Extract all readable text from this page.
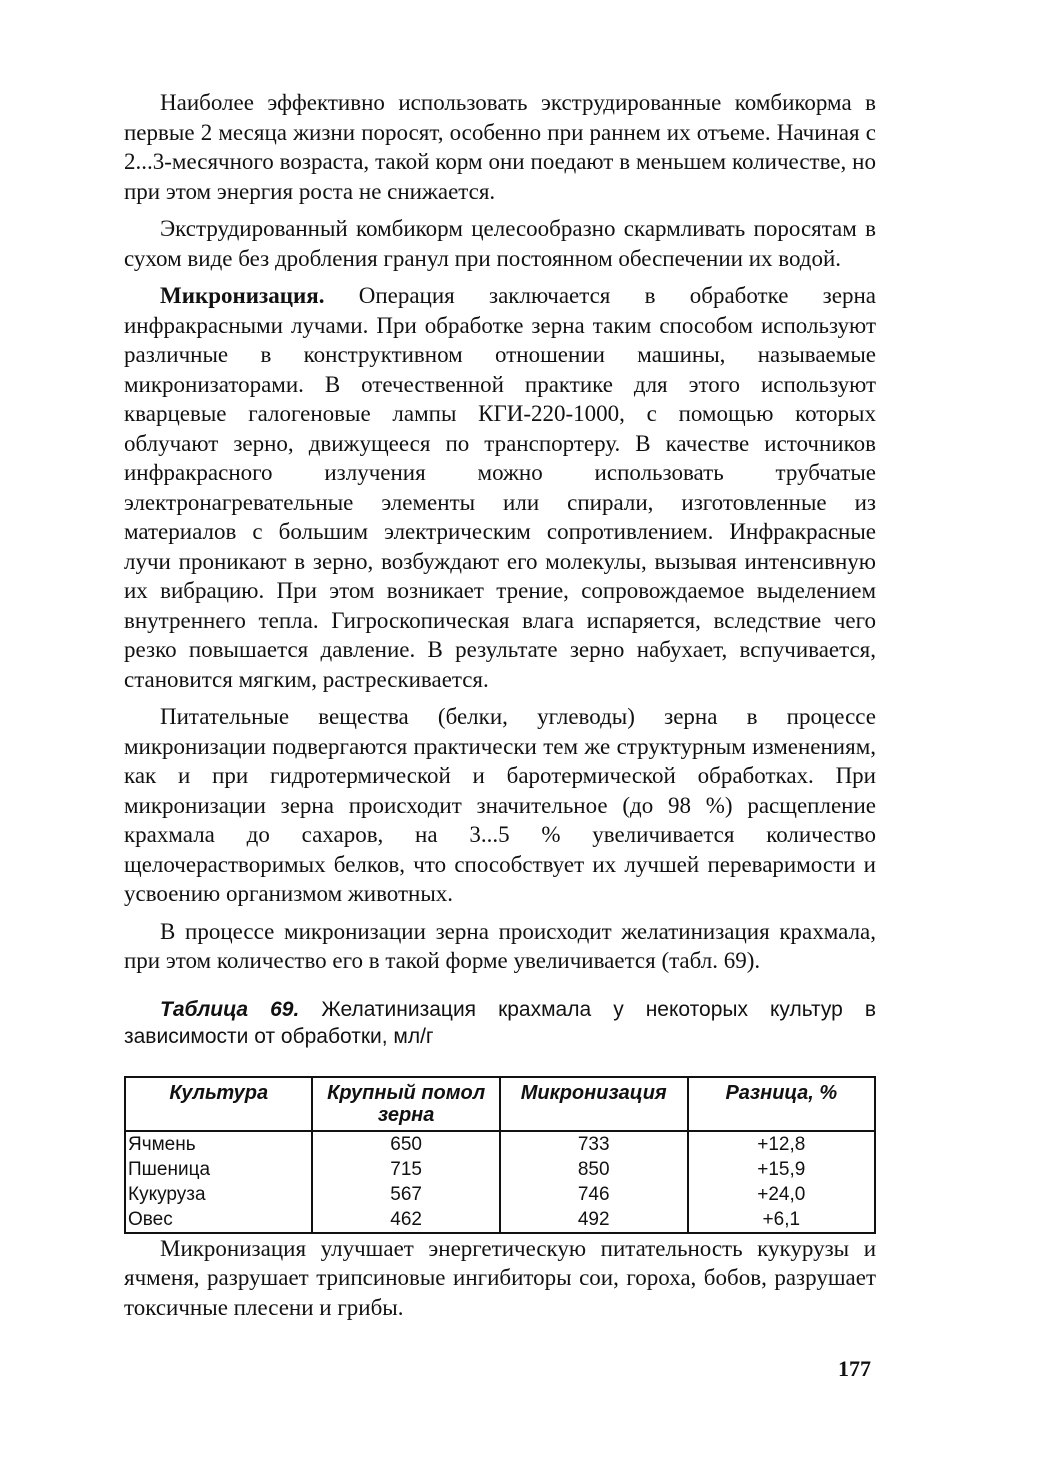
Наиболее эффективно использовать экструдированные комбикорма в первые 2 месяца жизни поросят, особенно при раннем их отъеме. Начиная с 2...3-месячного возраста, такой корм они поедают в меньшем количестве, но при этом энергия роста не снижается.

Экструдированный комбикорм целесообразно скармливать поросятам в сухом виде без дробления гранул при постоянном обеспечении их водой.

Микронизация. Операция заключается в обработке зерна инфракрасными лучами. При обработке зерна таким способом используют различные в конструктивном отношении машины, называемые микронизаторами. В отечественной практике для этого используют кварцевые галогеновые лампы КГИ-220-1000, с помощью которых облучают зерно, движущееся по транспортеру. В качестве источников инфракрасного излучения можно использовать трубчатые электронагревательные элементы или спирали, изготовленные из материалов с большим электрическим сопротивлением. Инфракрасные лучи проникают в зерно, возбуждают его молекулы, вызывая интенсивную их вибрацию. При этом возникает трение, сопровождаемое выделением внутреннего тепла. Гигроскопическая влага испаряется, вследствие чего резко повышается давление. В результате зерно набухает, вспучивается, становится мягким, растрескивается.

Питательные вещества (белки, углеводы) зерна в процессе микронизации подвергаются практически тем же структурным изменениям, как и при гидротермической и баротермической обработках. При микронизации зерна происходит значительное (до 98 %) расщепление крахмала до сахаров, на 3...5 % увеличивается количество щелочерастворимых белков, что способствует их лучшей переваримости и усвоению организмом животных.

В процессе микронизации зерна происходит желатинизация крахмала, при этом количество его в такой форме увеличивается (табл. 69).

Таблица 69. Желатинизация крахмала у некоторых культур в зависимости от обработки, мл/г
Культура	Крупный помол зерна	Микронизация	Разница, %
Ячмень	650	733	+12,8
Пшеница	715	850	+15,9
Кукуруза	567	746	+24,0
Овес	462	492	+6,1

Микронизация улучшает энергетическую питательность кукурузы и ячменя, разрушает трипсиновые ингибиторы сои, гороха, бобов, разрушает токсичные плесени и грибы.

177
